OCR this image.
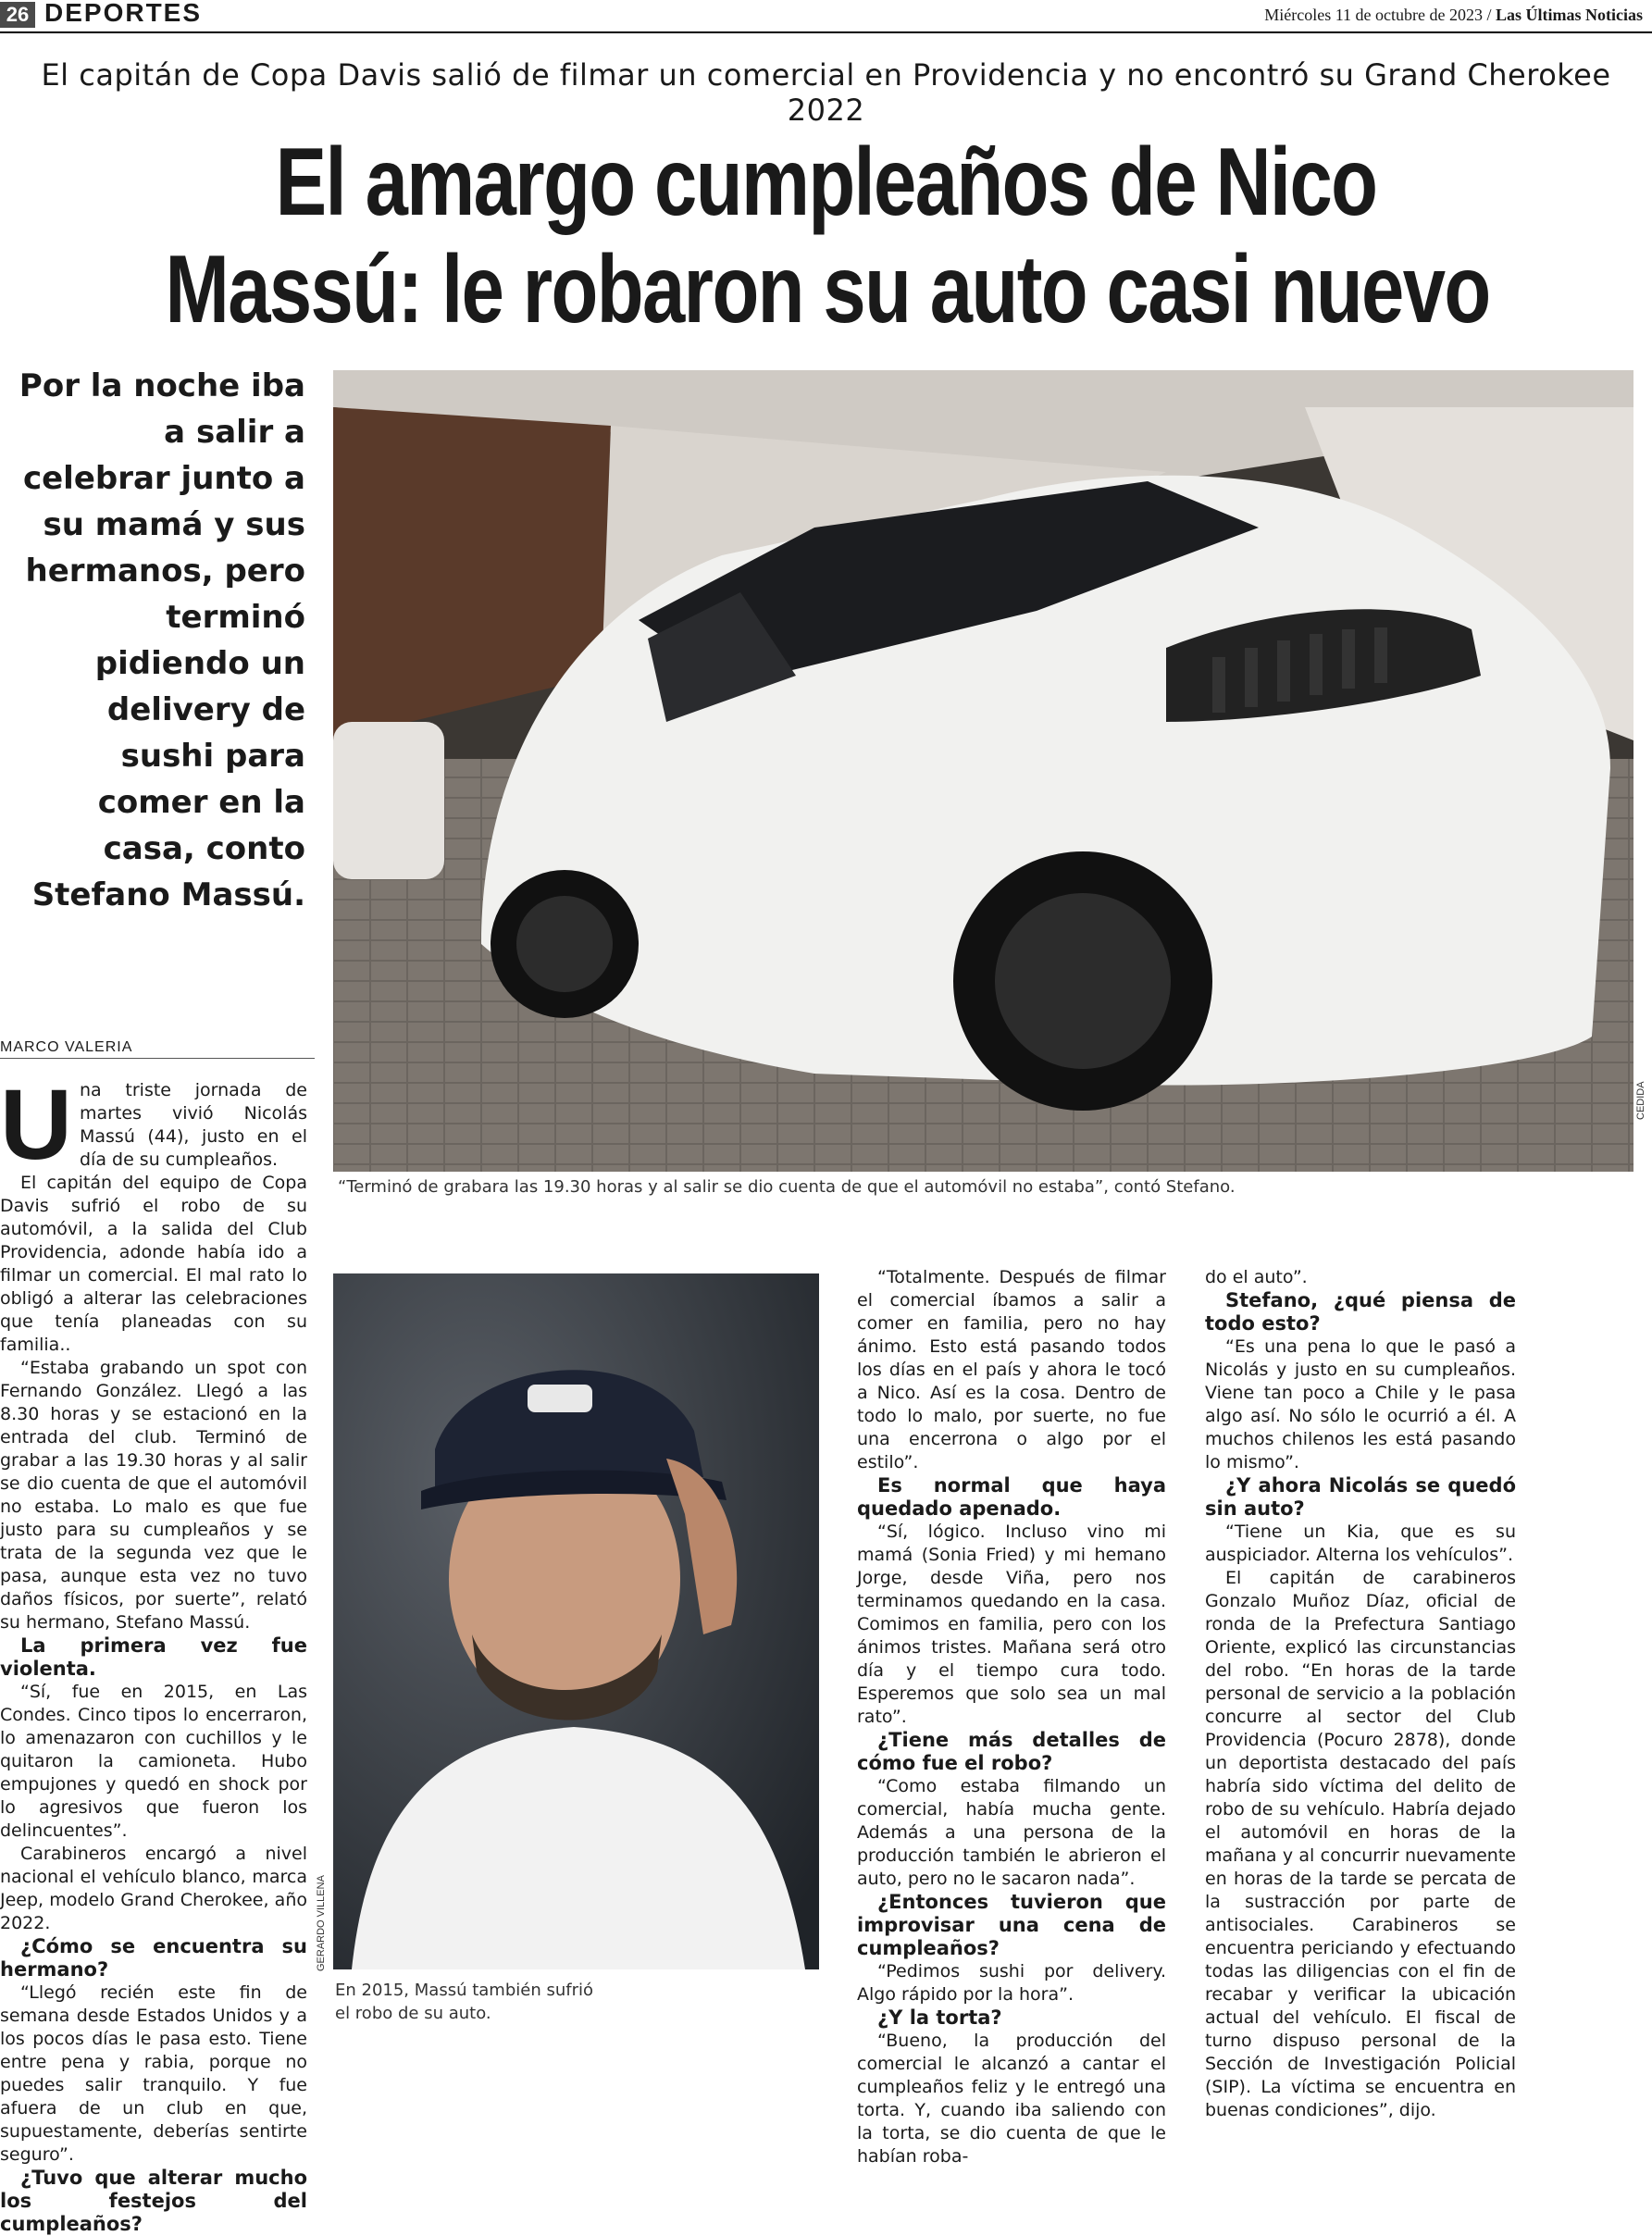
26 DEPORTES	Miércoles 11 de octubre de 2023 / Las Últimas Noticias
El capitán de Copa Davis salió de filmar un comercial en Providencia y no encontró su Grand Cherokee 2022
El amargo cumpleaños de Nico
Massú: le robaron su auto casi nuevo
Por la noche iba a salir a celebrar junto a su mamá y sus hermanos, pero terminó pidiendo un delivery de sushi para comer en la casa, conto Stefano Massú.
CEDIDA
“Terminó de grabara las 19.30 horas y al salir se dio cuenta de que el automóvil no estaba”, contó Stefano.
GERARDO VILLENA
En 2015, Massú también sufrió el robo de su auto.
MARCO VALERIA
U na triste jornada de martes vivió Nicolás Massú (44), justo en el día de su cumpleaños.

El capitán del equipo de Copa Davis sufrió el robo de su automóvil, a la salida del Club Providencia, adonde había ido a filmar un comercial. El mal rato lo obligó a alterar las celebraciones que tenía planeadas con su familia..

“Estaba grabando un spot con Fernando González. Llegó a las 8.30 horas y se estacionó en la entrada del club. Terminó de grabar a las 19.30 horas y al salir se dio cuenta de que el automóvil no estaba. Lo malo es que fue justo para su cumpleaños y se trata de la segunda vez que le pasa, aunque esta vez no tuvo daños físicos, por suerte”, relató su hermano, Stefano Massú.

La primera vez fue violenta.

“Sí, fue en 2015, en Las Condes. Cinco tipos lo encerraron, lo amenazaron con cuchillos y le quitaron la camioneta. Hubo empujones y quedó en shock por lo agresivos que fueron los delincuentes”.

Carabineros encargó a nivel nacional el vehículo blanco, marca Jeep, modelo Grand Cherokee, año 2022.

¿Cómo se encuentra su hermano?

“Llegó recién este fin de semana desde Estados Unidos y a los pocos días le pasa esto. Tiene entre pena y rabia, porque no puedes salir tranquilo. Y fue afuera de un club en que, supuestamente, deberías sentirte seguro”.

¿Tuvo que alterar mucho los festejos del cumpleaños?

“Totalmente. Después de filmar el comercial íbamos a salir a comer en familia, pero no hay ánimo. Esto está pasando todos los días en el país y ahora le tocó a Nico. Así es la cosa. Dentro de todo lo malo, por suerte, no fue una encerrona o algo por el estilo”.

Es normal que haya quedado apenado.

“Sí, lógico. Incluso vino mi mamá (Sonia Fried) y mi hemano Jorge, desde Viña, pero nos terminamos quedando en la casa. Comimos en familia, pero con los ánimos tristes. Mañana será otro día y el tiempo cura todo. Esperemos que solo sea un mal rato”.

¿Tiene más detalles de cómo fue el robo?

“Como estaba filmando un comercial, había mucha gente. Además a una persona de la producción también le abrieron el auto, pero no le sacaron nada”.

¿Entonces tuvieron que improvisar una cena de cumpleaños?

“Pedimos sushi por delivery. Algo rápido por la hora”.

¿Y la torta?

“Bueno, la producción del comercial le alcanzó a cantar el cumpleaños feliz y le entregó una torta. Y, cuando iba saliendo con la torta, se dio cuenta de que le habían roba-

do el auto”.

Stefano, ¿qué piensa de todo esto?

“Es una pena lo que le pasó a Nicolás y justo en su cumpleaños. Viene tan poco a Chile y le pasa algo así. No sólo le ocurrió a él. A muchos chilenos les está pasando lo mismo”.

¿Y ahora Nicolás se quedó sin auto?

“Tiene un Kia, que es su auspiciador. Alterna los vehículos”.

El capitán de carabineros Gonzalo Muñoz Díaz, oficial de ronda de la Prefectura Santiago Oriente, explicó las circunstancias del robo. “En horas de la tarde personal de servicio a la población concurre al sector del Club Providencia (Pocuro 2878), donde un deportista destacado del país habría sido víctima del delito de robo de su vehículo. Habría dejado el automóvil en horas de la mañana y al concurrir nuevamente en horas de la tarde se percata de la sustracción por parte de antisociales. Carabineros se encuentra periciando y efectuando todas las diligencias con el fin de recabar y verificar la ubicación actual del vehículo. El fiscal de turno dispuso personal de la Sección de Investigación Policial (SIP). La víctima se encuentra en buenas condiciones”, dijo.
